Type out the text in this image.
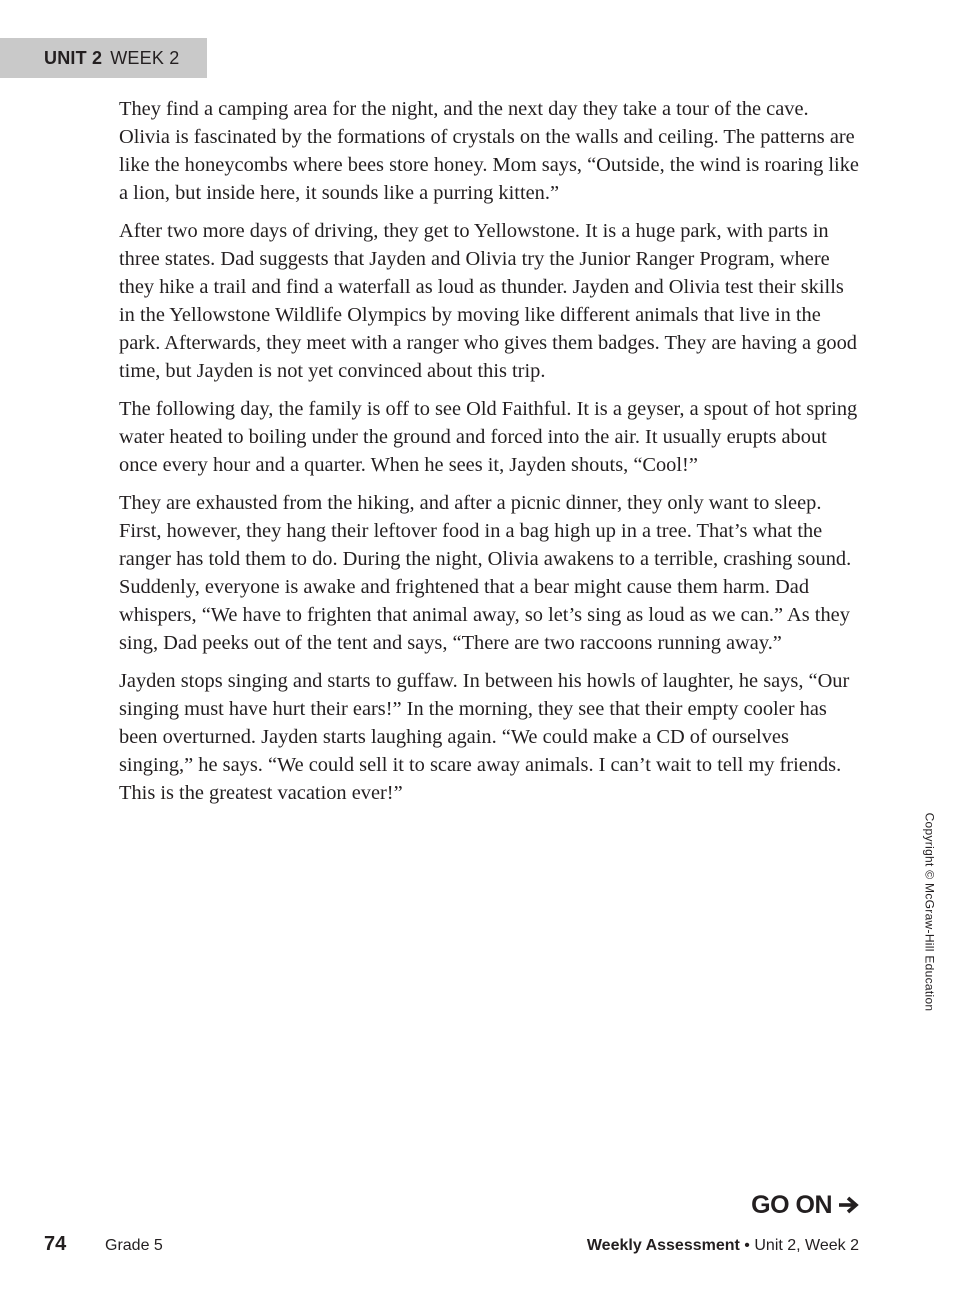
UNIT 2 WEEK 2

They find a camping area for the night, and the next day they take a tour of the cave. Olivia is fascinated by the formations of crystals on the walls and ceiling. The patterns are like the honeycombs where bees store honey. Mom says, “Outside, the wind is roaring like a lion, but inside here, it sounds like a purring kitten.”

After two more days of driving, they get to Yellowstone. It is a huge park, with parts in three states. Dad suggests that Jayden and Olivia try the Junior Ranger Program, where they hike a trail and find a waterfall as loud as thunder. Jayden and Olivia test their skills in the Yellowstone Wildlife Olympics by moving like different animals that live in the park. Afterwards, they meet with a ranger who gives them badges. They are having a good time, but Jayden is not yet convinced about this trip.

The following day, the family is off to see Old Faithful. It is a geyser, a spout of hot spring water heated to boiling under the ground and forced into the air. It usually erupts about once every hour and a quarter. When he sees it, Jayden shouts, “Cool!”

They are exhausted from the hiking, and after a picnic dinner, they only want to sleep. First, however, they hang their leftover food in a bag high up in a tree. That’s what the ranger has told them to do. During the night, Olivia awakens to a terrible, crashing sound. Suddenly, everyone is awake and frightened that a bear might cause them harm. Dad whispers, “We have to frighten that animal away, so let’s sing as loud as we can.” As they sing, Dad peeks out of the tent and says, “There are two raccoons running away.”

Jayden stops singing and starts to guffaw. In between his howls of laughter, he says, “Our singing must have hurt their ears!” In the morning, they see that their empty cooler has been overturned. Jayden starts laughing again. “We could make a CD of ourselves singing,” he says. “We could sell it to scare away animals. I can’t wait to tell my friends. This is the greatest vacation ever!”

Copyright © McGraw-Hill Education
GO ON
74 Grade 5	Weekly Assessment • Unit 2, Week 2
